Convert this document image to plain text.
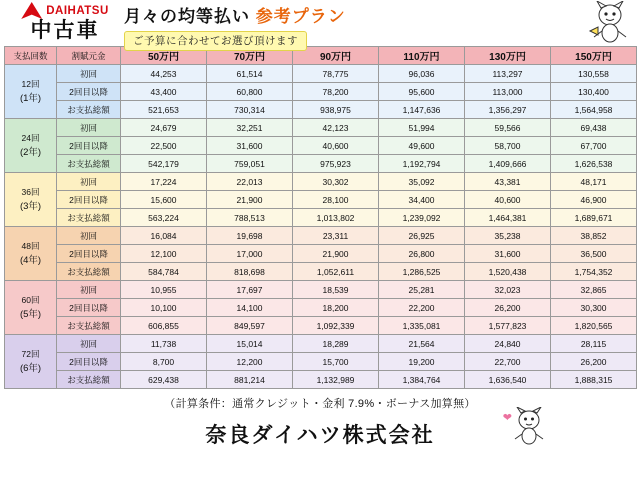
DAIHATSU
中古車
月々の均等払い 参考プラン
ご予算に合わせてお選び頂けます
支払回数	割賦元金	50万円	70万円	90万円	110万円	130万円	150万円
12回
(1年)	初回	44,253	61,514	78,775	96,036	113,297	130,558
	2回目以降	43,400	60,800	78,200	95,600	113,000	130,400
	お支払総額	521,653	730,314	938,975	1,147,636	1,356,297	1,564,958
24回
(2年)	初回	24,679	32,251	42,123	51,994	59,566	69,438
	2回目以降	22,500	31,600	40,600	49,600	58,700	67,700
	お支払総額	542,179	759,051	975,923	1,192,794	1,409,666	1,626,538
36回
(3年)	初回	17,224	22,013	30,302	35,092	43,381	48,171
	2回目以降	15,600	21,900	28,100	34,400	40,600	46,900
	お支払総額	563,224	788,513	1,013,802	1,239,092	1,464,381	1,689,671
48回
(4年)	初回	16,084	19,698	23,311	26,925	35,238	38,852
	2回目以降	12,100	17,000	21,900	26,800	31,600	36,500
	お支払総額	584,784	818,698	1,052,611	1,286,525	1,520,438	1,754,352
60回
(5年)	初回	10,955	17,697	18,539	25,281	32,023	32,865
	2回目以降	10,100	14,100	18,200	22,200	26,200	30,300
	お支払総額	606,855	849,597	1,092,339	1,335,081	1,577,823	1,820,565
72回
(6年)	初回	11,738	15,014	18,289	21,564	24,840	28,115
	2回目以降	8,700	12,200	15,700	19,200	22,700	26,200
	お支払総額	629,438	881,214	1,132,989	1,384,764	1,636,540	1,888,315
（計算条件：通常クレジット・金利 7.9%・ボーナス加算無）
奈良ダイハツ株式会社
❤
